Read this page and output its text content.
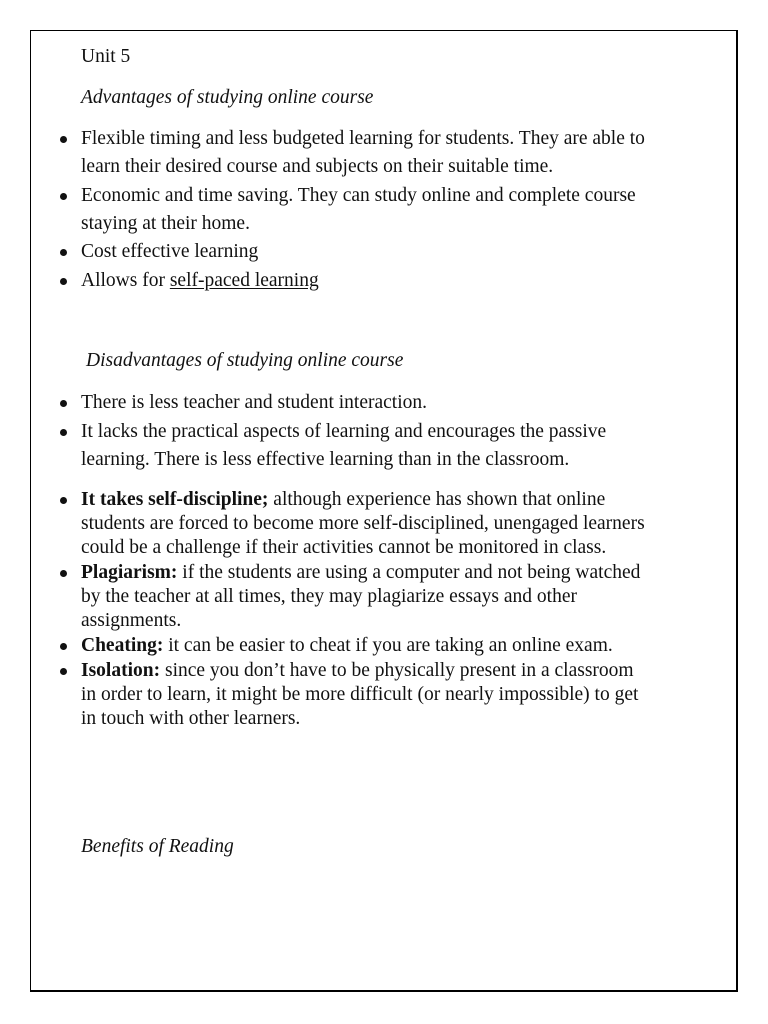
Unit 5
Advantages of studying online course
Flexible timing and less budgeted learning for students. They are able to
learn their desired course and subjects on their suitable time.
Economic and time saving. They can study online and complete course
staying at their home.
Cost effective learning
Allows for self-paced learning
Disadvantages of studying online course
There is less teacher and student interaction.
It lacks the practical aspects of learning and encourages the passive
learning. There is less effective learning than in the classroom.
It takes self-discipline; although experience has shown that online
students are forced to become more self-disciplined, unengaged learners
could be a challenge if their activities cannot be monitored in class.
Plagiarism: if the students are using a computer and not being watched
by the teacher at all times, they may plagiarize essays and other
assignments.
Cheating: it can be easier to cheat if you are taking an online exam.
Isolation: since you don’t have to be physically present in a classroom
in order to learn, it might be more difficult (or nearly impossible) to get
in touch with other learners.
Benefits of Reading
